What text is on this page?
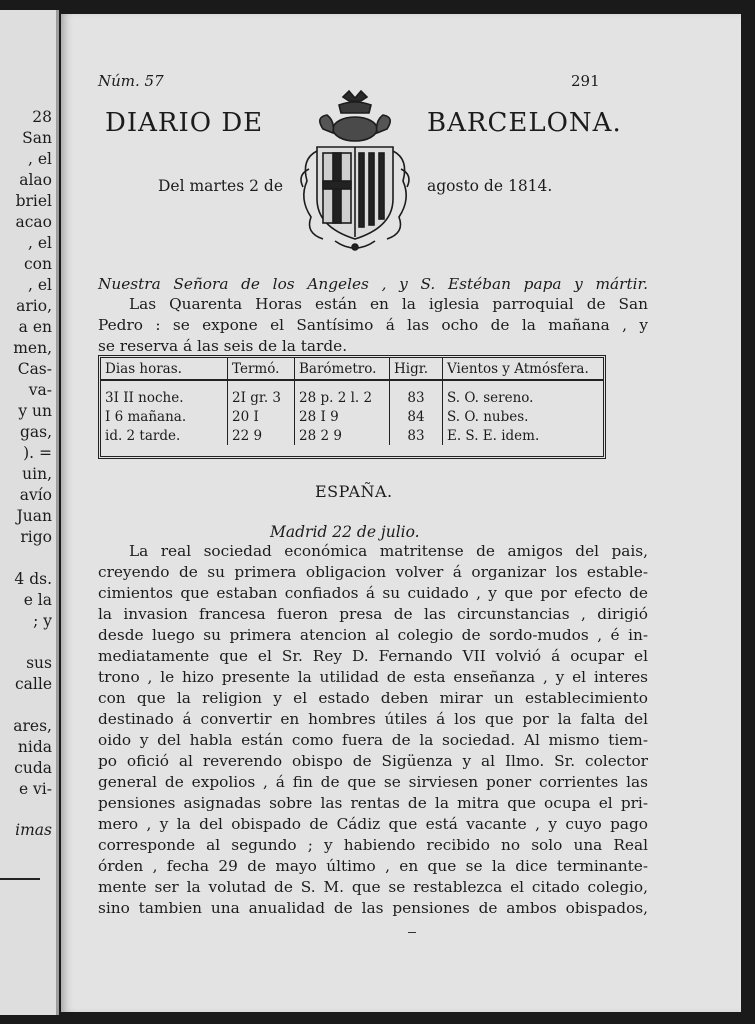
28
San
, el
alao
briel
acao
, el
con
, el
ario,
a en
men,
Cas-
va-
y un
gas,
). =
uin,
avío
Juan
rigo
4 ds.
e la
; y
sus
calle
ares,
nida
cuda
e vi-
imas
Núm. 57	291
DIARIO DE	BARCELONA.
Del martes 2 de	agosto de 1814.
Nuestra Señora de los Angeles , y S. Estéban papa y mártir.
Las Quarenta Horas están en la iglesia parroquial de San
Pedro : se expone el Santísimo á las ocho de la mañana , y
se reserva á las seis de la tarde.
Dias horas.	Termó.	Barómetro.	Higr.	Vientos y Atmósfera.
3I II noche.	2I gr. 3	28 p. 2 l. 2	83	S. O. sereno.
I 6 mañana.	20 I	28 I 9	84	S. O. nubes.
id. 2 tarde.	22 9	28 2 9	83	E. S. E. idem.
ESPAÑA.
Madrid 22 de julio.
La real sociedad económica matritense de amigos del pais,
creyendo de su primera obligacion volver á organizar los estable-
cimientos que estaban confiados á su cuidado , y que por efecto de
la invasion francesa fueron presa de las circunstancias , dirigió
desde luego su primera atencion al colegio de sordo-mudos , é in-
mediatamente que el Sr. Rey D. Fernando VII volvió á ocupar el
trono , le hizo presente la utilidad de esta enseñanza , y el interes
con que la religion y el estado deben mirar un establecimiento
destinado á convertir en hombres útiles á los que por la falta del
oido y del habla están como fuera de la sociedad. Al mismo tiem-
po ofició al reverendo obispo de Sigüenza y al Ilmo. Sr. colector
general de expolios , á fin de que se sirviesen poner corrientes las
pensiones asignadas sobre las rentas de la mitra que ocupa el pri-
mero , y la del obispado de Cádiz que está vacante , y cuyo pago
corresponde al segundo ; y habiendo recibido no solo una Real
órden , fecha 29 de mayo último , en que se la dice terminante-
mente ser la volutad de S. M. que se restablezca el citado colegio,
sino tambien una anualidad de las pensiones de ambos obispados,
